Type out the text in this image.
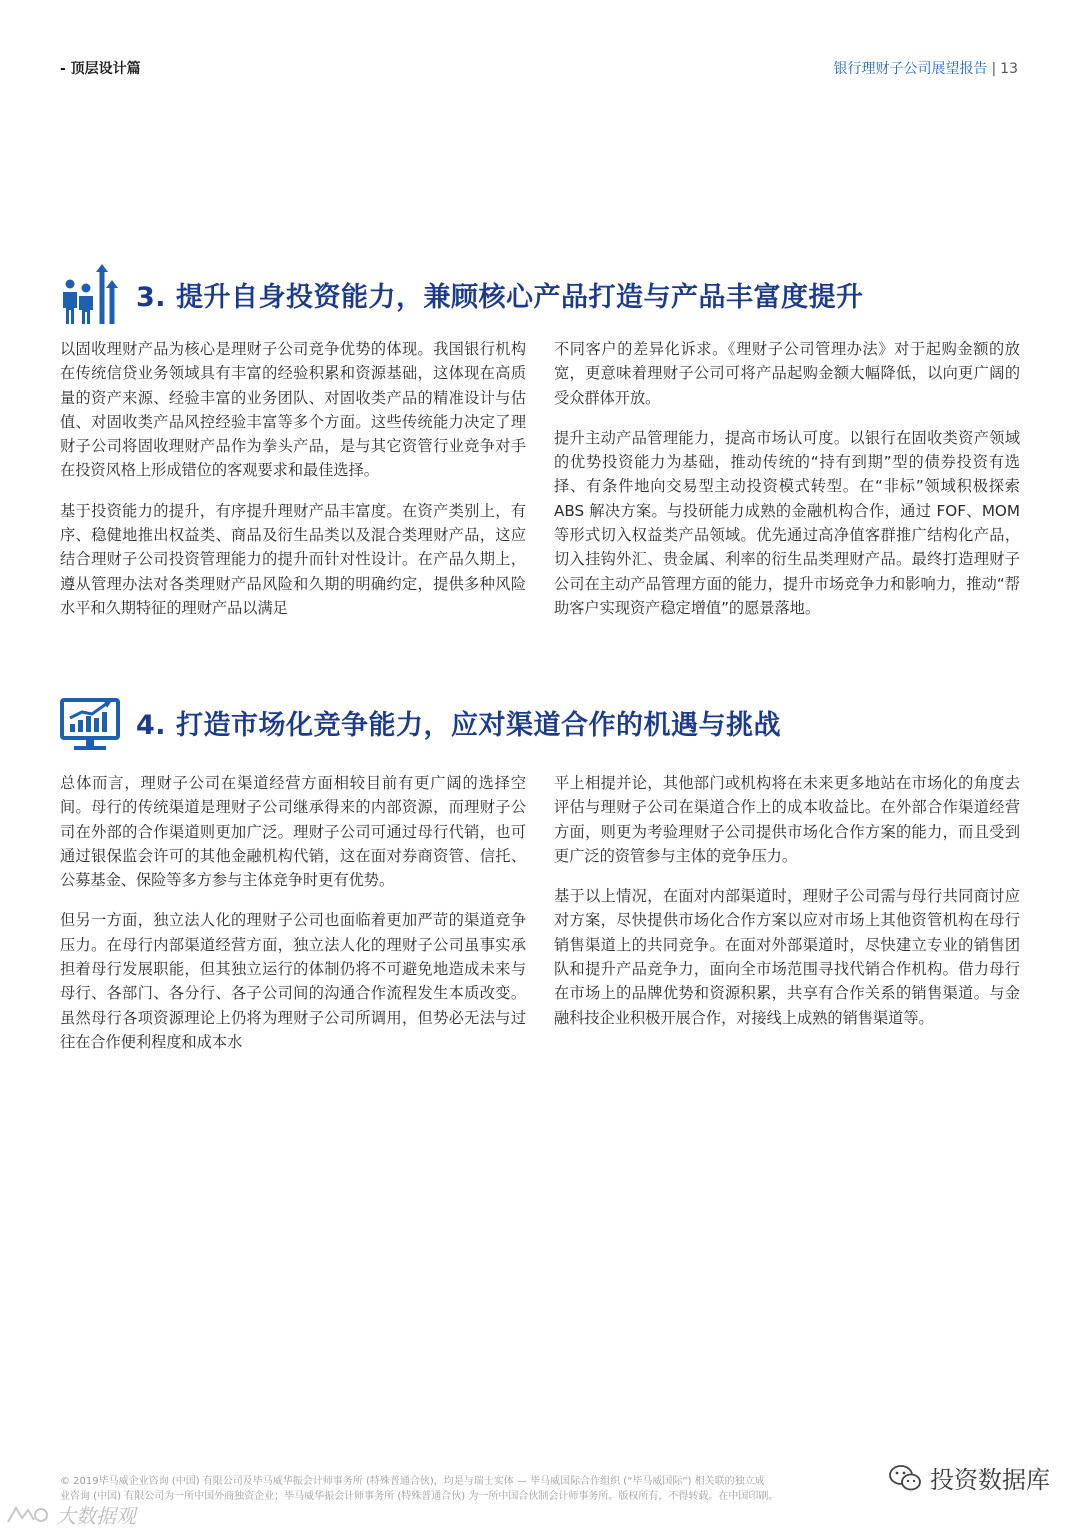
- 顶层设计篇	银行理财子公司展望报告 | 13
3. 提升自身投资能力，兼顾核心产品打造与产品丰富度提升

以固收理财产品为核心是理财子公司竞争优势的体现。我国银行机构在传统信贷业务领域具有丰富的经验积累和资源基础，这体现在高质量的资产来源、经验丰富的业务团队、对固收类产品的精准设计与估值、对固收类产品风控经验丰富等多个方面。这些传统能力决定了理财子公司将固收理财产品作为拳头产品，是与其它资管行业竞争对手在投资风格上形成错位的客观要求和最佳选择。

基于投资能力的提升，有序提升理财产品丰富度。在资产类别上，有序、稳健地推出权益类、商品及衍生品类以及混合类理财产品，这应结合理财子公司投资管理能力的提升而针对性设计。在产品久期上，遵从管理办法对各类理财产品风险和久期的明确约定，提供多种风险水平和久期特征的理财产品以满足

不同客户的差异化诉求。《理财子公司管理办法》对于起购金额的放宽，更意味着理财子公司可将产品起购金额大幅降低，以向更广阔的受众群体开放。

提升主动产品管理能力，提高市场认可度。以银行在固收类资产领域的优势投资能力为基础，推动传统的“持有到期”型的债券投资有选择、有条件地向交易型主动投资模式转型。在“非标”领域积极探索 ABS 解决方案。与投研能力成熟的金融机构合作，通过 FOF、MOM 等形式切入权益类产品领域。优先通过高净值客群推广结构化产品，切入挂钩外汇、贵金属、利率的衍生品类理财产品。最终打造理财子公司在主动产品管理方面的能力，提升市场竞争力和影响力，推动“帮助客户实现资产稳定增值”的愿景落地。

4. 打造市场化竞争能力，应对渠道合作的机遇与挑战

总体而言，理财子公司在渠道经营方面相较目前有更广阔的选择空间。母行的传统渠道是理财子公司继承得来的内部资源，而理财子公司在外部的合作渠道则更加广泛。理财子公司可通过母行代销，也可通过银保监会许可的其他金融机构代销，这在面对券商资管、信托、公募基金、保险等多方参与主体竞争时更有优势。

但另一方面，独立法人化的理财子公司也面临着更加严苛的渠道竞争压力。在母行内部渠道经营方面，独立法人化的理财子公司虽事实承担着母行发展职能，但其独立运行的体制仍将不可避免地造成未来与母行、各部门、各分行、各子公司间的沟通合作流程发生本质改变。虽然母行各项资源理论上仍将为理财子公司所调用，但势必无法与过往在合作便利程度和成本水

平上相提并论，其他部门或机构将在未来更多地站在市场化的角度去评估与理财子公司在渠道合作上的成本收益比。在外部合作渠道经营方面，则更为考验理财子公司提供市场化合作方案的能力，而且受到更广泛的资管参与主体的竞争压力。

基于以上情况，在面对内部渠道时，理财子公司需与母行共同商讨应对方案，尽快提供市场化合作方案以应对市场上其他资管机构在母行销售渠道上的共同竞争。在面对外部渠道时，尽快建立专业的销售团队和提升产品竞争力，面向全市场范围寻找代销合作机构。借力母行在市场上的品牌优势和资源积累，共享有合作关系的销售渠道。与金融科技企业积极开展合作，对接线上成熟的销售渠道等。

© 2019毕马威企业咨询 (中国) 有限公司及毕马威华振会计师事务所 (特殊普通合伙)，均是与瑞士实体 — 毕马威国际合作组织 (“毕马威国际”) 相关联的独立成
业咨询 (中国) 有限公司为一所中国外商独资企业；毕马威华振会计师事务所 (特殊普通合伙) 为一所中国合伙制会计师事务所。版权所有，不得转载。在中国印刷。
投资数据库
大数据观
